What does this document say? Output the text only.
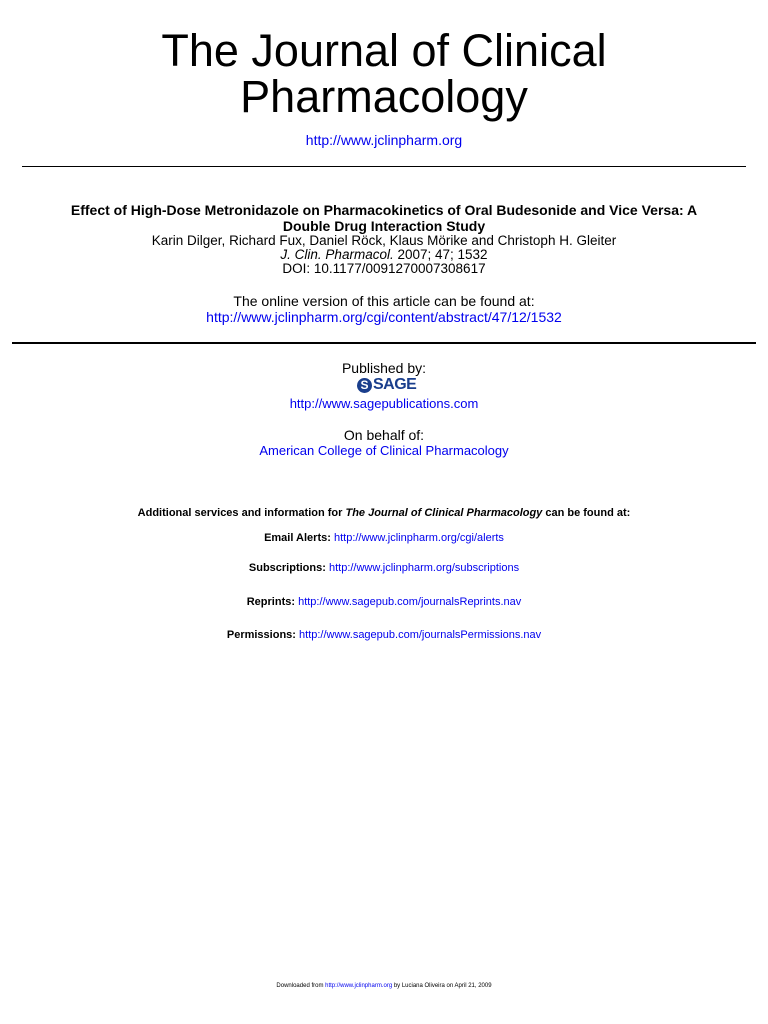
The Journal of Clinical
Pharmacology
http://www.jclinpharm.org
Effect of High-Dose Metronidazole on Pharmacokinetics of Oral Budesonide and Vice Versa: A
Double Drug Interaction Study
Karin Dilger, Richard Fux, Daniel Röck, Klaus Mörike and Christoph H. Gleiter
J. Clin. Pharmacol. 2007; 47; 1532
DOI: 10.1177/0091270007308617
The online version of this article can be found at:
http://www.jclinpharm.org/cgi/content/abstract/47/12/1532
Published by:
S SAGE
http://www.sagepublications.com
On behalf of:
American College of Clinical Pharmacology
Additional services and information for The Journal of Clinical Pharmacology can be found at:
Email Alerts: http://www.jclinpharm.org/cgi/alerts
Subscriptions: http://www.jclinpharm.org/subscriptions
Reprints: http://www.sagepub.com/journalsReprints.nav
Permissions: http://www.sagepub.com/journalsPermissions.nav
Downloaded from http://www.jclinpharm.org by Luciana Oliveira on April 21, 2009
